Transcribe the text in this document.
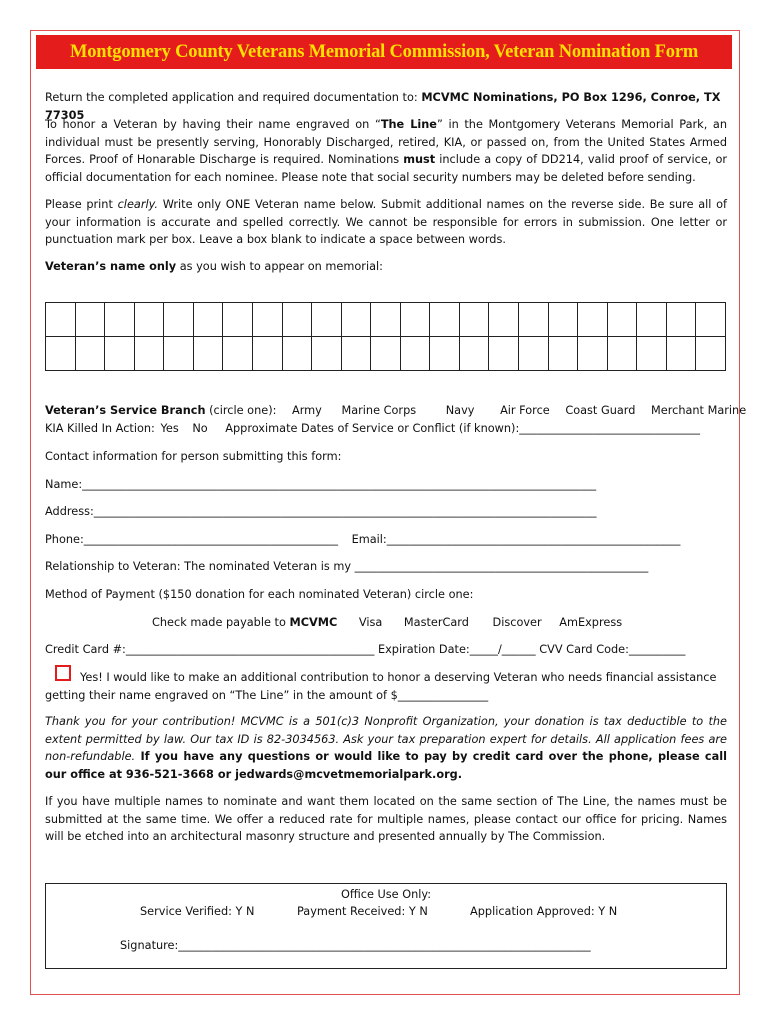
Montgomery County Veterans Memorial Commission, Veteran Nomination Form
Return the completed application and required documentation to: MCVMC Nominations, PO Box 1296, Conroe, TX 77305
To honor a Veteran by having their name engraved on “The Line” in the Montgomery Veterans Memorial Park, an individual must be presently serving, Honorably Discharged, retired, KIA, or passed on, from the United States Armed Forces. Proof of Honarable Discharge is required. Nominations must include a copy of DD214, valid proof of service, or official documentation for each nominee. Please note that social security numbers may be deleted before sending.
Please print clearly. Write only ONE Veteran name below. Submit additional names on the reverse side. Be sure all of your information is accurate and spelled correctly. We cannot be responsible for errors in submission. One letter or punctuation mark per box. Leave a box blank to indicate a space between words.
Veteran’s name only as you wish to appear on memorial:
Veteran’s Service Branch (circle one): Army Marine Corps	Navy Air Force Coast Guard Merchant Marine
KIA Killed In Action: Yes No Approximate Dates of Service or Conflict (if known):________________________________
Contact information for person submitting this form:
Name:___________________________________________________________________________________________
Address:_________________________________________________________________________________________
Phone:_____________________________________________ Email:____________________________________________________
Relationship to Veteran: The nominated Veteran is my ____________________________________________________
Method of Payment ($150 donation for each nominated Veteran) circle one:
Check made payable to MCVMC Visa MasterCard Discover AmExpress
Credit Card #:____________________________________________ Expiration Date:_____/______ CVV Card Code:__________
Yes! I would like to make an additional contribution to honor a deserving Veteran who needs financial assistance
getting their name engraved on “The Line” in the amount of $________________
Thank you for your contribution! MCVMC is a 501(c)3 Nonprofit Organization, your donation is tax deductible to the extent permitted by law. Our tax ID is 82-3034563. Ask your tax preparation expert for details. All application fees are non-refundable. If you have any questions or would like to pay by credit card over the phone, please call our office at 936-521-3668 or jedwards@mcvetmemorialpark.org.
If you have multiple names to nominate and want them located on the same section of The Line, the names must be submitted at the same time. We offer a reduced rate for multiple names, please contact our office for pricing. Names will be etched into an architectural masonry structure and presented annually by The Commission.
Office Use Only:
Service Verified: Y N	Payment Received: Y N	Application Approved: Y N
Signature:_________________________________________________________________________
